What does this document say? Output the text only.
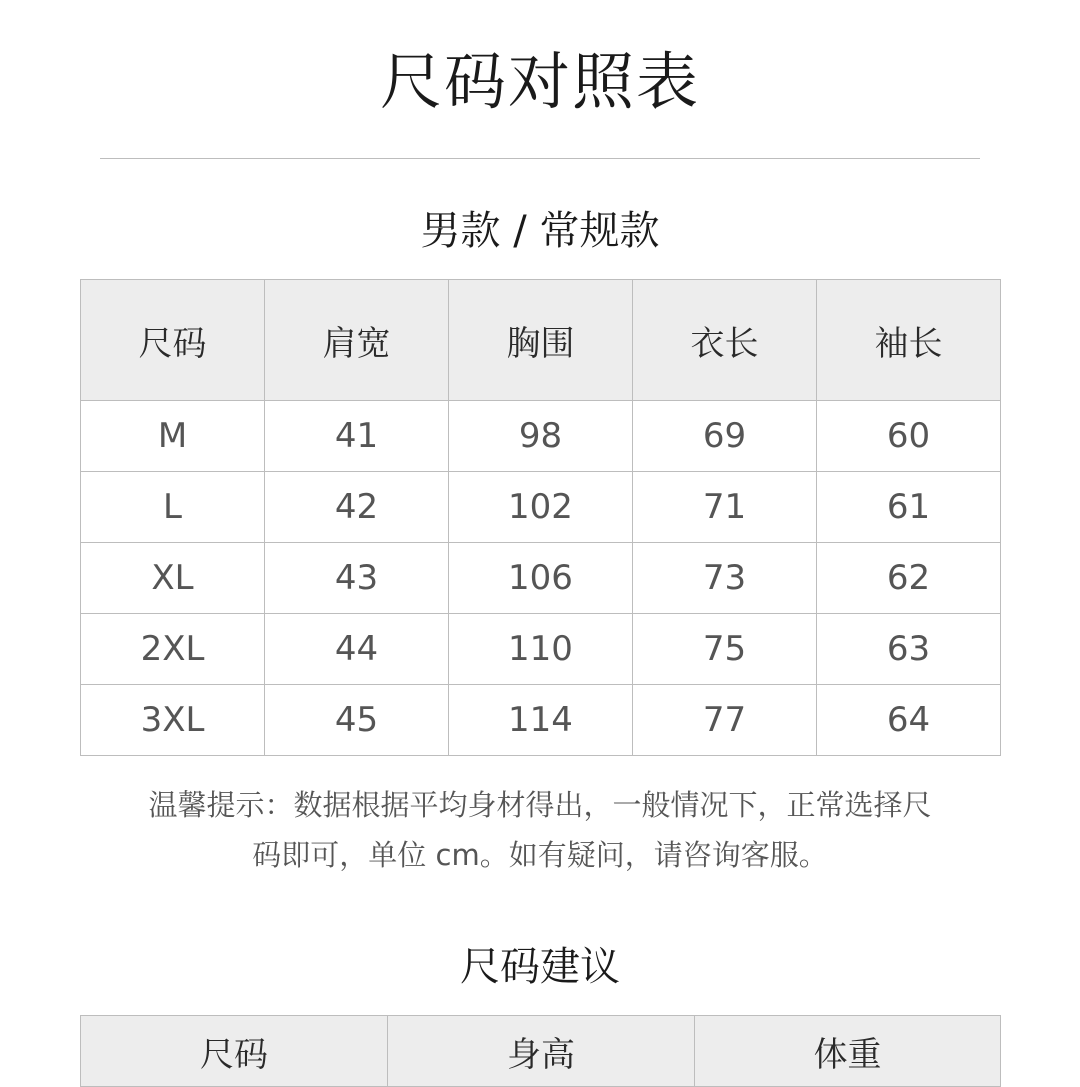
尺码对照表
男款 / 常规款
尺码	肩宽	胸围	衣长	袖长
M	41	98	69	60
L	42	102	71	61
XL	43	106	73	62
2XL	44	110	75	63
3XL	45	114	77	64
温馨提示：数据根据平均身材得出，一般情况下，正常选择尺
码即可，单位 cm。如有疑问，请咨询客服。
尺码建议
尺码	身高	体重
